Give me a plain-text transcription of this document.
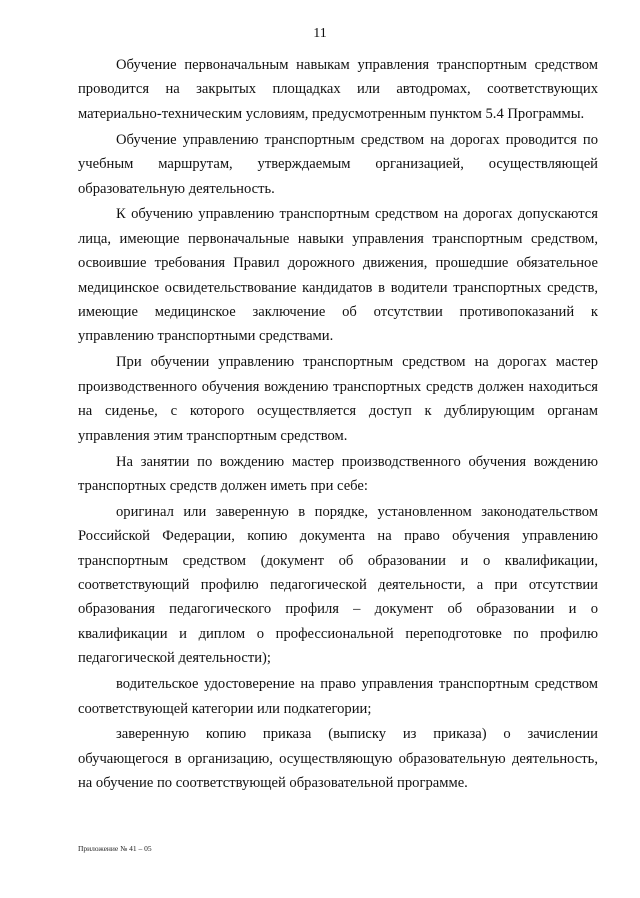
11

Обучение первоначальным навыкам управления транспортным средством проводится на закрытых площадках или автодромах, соответствующих материально-техническим условиям, предусмотренным пунктом 5.4 Программы.

Обучение управлению транспортным средством на дорогах проводится по учебным маршрутам, утверждаемым организацией, осуществляющей образовательную деятельность.

К обучению управлению транспортным средством на дорогах допускаются лица, имеющие первоначальные навыки управления транспортным средством, освоившие требования Правил дорожного движения, прошедшие обязательное медицинское освидетельствование кандидатов в водители транспортных средств, имеющие медицинское заключение об отсутствии противопоказаний к управлению транспортными средствами.

При обучении управлению транспортным средством на дорогах мастер производственного обучения вождению транспортных средств должен находиться на сиденье, с которого осуществляется доступ к дублирующим органам управления этим транспортным средством.

На занятии по вождению мастер производственного обучения вождению транспортных средств должен иметь при себе:

оригинал или заверенную в порядке, установленном законодательством Российской Федерации, копию документа на право обучения управлению транспортным средством (документ об образовании и о квалификации, соответствующий профилю педагогической деятельности, а при отсутствии образования педагогического профиля – документ об образовании и о квалификации и диплом о профессиональной переподготовке по профилю педагогической деятельности);

водительское удостоверение на право управления транспортным средством соответствующей категории или подкатегории;

заверенную копию приказа (выписку из приказа) о зачислении обучающегося в организацию, осуществляющую образовательную деятельность, на обучение по соответствующей образовательной программе.

Приложение № 41 – 05
